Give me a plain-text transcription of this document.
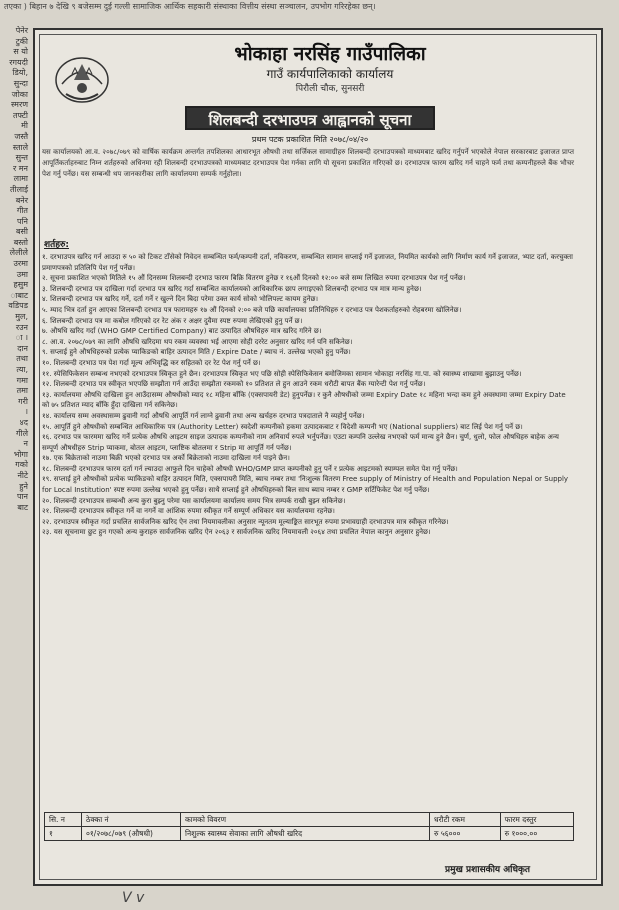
तएका ) बिहान ७ देखि ९ बजेसम्म दुई गल्ली सामाजिक आर्थिक सहकारी संस्थाका वित्तीय संस्था सञ्चालन, उपभोग गरिरहेका छन्।
पेनेर
टुकी
स यो
रगयदी
डियो,
सुन्दा
जोका
स्मरण
तफ्टी
मी
जस्तै
स्ताले
सुन्त
र मन
लामा
तीलाई
बनेर
गीत
पनि
बसी
बस्तो
लेलीले
उरमा
उमा
हसुम
ाबाट
वडिपड
मुल,
रउन
ा ।
दान
तथा
त्या,
गमा
तमा
गरी
।
४द
गीले
न
भोगा
गको
नीटे
हुने
पान
बाट
भोकाहा नरसिंह गाउँपालिका
गाउँ कार्यपालिकाको कार्यालय
पिरौली चौक, सुनसरी
शिलबन्दी दरभाउपत्र आह्वानको सूचना
प्रथम पटक प्रकाशित मिति २०७८/०४/२०
यस कार्यालयको आ.व. २०७८/०७९ को वार्षिक कार्यक्रम अन्तर्गत तपशिलका आधारभूत औषधी तथा सर्जिकल सामाग्रीहरु शिलबन्दी दरभाउपत्रको माध्यमबाट खरिद गर्नुपर्ने भएकोले नेपाल सरकारबाट इजाजत प्राप्त आपूर्तिकर्ताहरुबाट निम्न शर्तहरुको अधिनमा रही शिलबन्दी दरभाउपत्रको माध्यमबाट दरभाउपत्र पेश गर्नका लागि यो सूचना प्रकाशित गरिएको छ। दरभाउपत्र फारम खरिद गर्न चाहने फर्म तथा कम्पनीहरुले बैंक भौचर पेश गर्नु पर्नेछ। यस सम्बन्धी थप जानकारीका लागि कार्यालयमा सम्पर्क गर्नुहोला।
शर्तहरु:
१. दरभाउपत्र खरिद गर्न आउदा रु ५० को टिकट टाँसेको निवेदन सम्बन्धित फर्म/कम्पनी दर्ता, नविकरण, सम्बन्धित सामान सप्लाई गर्ने इजाजत, नियमित कार्यको लागि निर्माण कार्य गर्ने इजाजत, भ्याट दर्ता, करचुक्ता प्रमाणपत्रको प्रतिलिपि पेश गर्नु पर्नेछ।
२. सूचना प्रकाशित भएको मितिले १५ औं दिनसम्म शिलबन्दी दरभाउ फारम बिक्रि वितरण हुनेछ र १६औं दिनको १२:०० बजे सम्म लिखित रुपमा दरभाउपत्र पेश गर्नु पर्नेछ।
३. शिलबन्दी दरभाउ पत्र दाखिला गर्दा दरभाउ पत्र खरिद गर्दा सम्बन्धित कार्यालयको आधिकारिक छाप लगाइएको शिलबन्दी दरभाउ पत्र मात्र मान्य हुनेछ।
४. शिलबन्दी दरभाउ पत्र खरिद गर्ने, दर्ता गर्ने र खुल्ने दिन बिदा परेमा उक्त कार्य सोको भोलिपल्ट कायम हुनेछ।
५. म्याद भित्र दर्ता हुन आएका शिलबन्दी दरभाउ पत्र फारामहरु १७ औं दिनको २:०० बजे पछि कार्यालयका प्रतिनिधिहरु र दरभाउ पत्र पेशकर्ताहरुको रोहबरमा खोलिनेछ।
६. शिलबन्दी दरभाउ पत्र मा कबोल गरिएको दर रेट अंक र अक्षर दुवैमा स्पष्ट रुपमा लेखिएको हुनु पर्ने छ।
७. औषधि खरिद गर्दा (WHO GMP Certified Company) बाट उत्पादित औषधिहरु मात्र खरिद गरिने छ।
८. आ.व. २०७८/०७९ का लागि औषधि खरिदमा थप रकम व्यवस्था भई आएमा सोही दररेट अनुसार खरिद गर्न पनि सकिनेछ।
९. सप्लाई हुने औषधिहरुको प्रत्येक प्याकिङको बाहिर उत्पादन मिति / Expire Date / ब्याच नं. उल्लेख भएको हुनु पर्नेछ।
१०. शिलबन्दी दरभाउ पत्र पेश गर्दा मूल्य अभिवृद्धि कर सहितको दर रेट पेश गर्नु पर्ने छ।
११. स्पेसिफिकेसन सम्बन्ध नभएको दरभाउपत्र स्विकृत हुने छैन। दरभाउपत्र स्विकृत भए पछि सोही स्पेसिफिकेसन बमोजिमका सामान भोकाहा नरसिंह गा.पा. को स्वास्थ्य शाखामा बुझाउनु पर्नेछ।
१२. शिलबन्दी दरभाउ पत्र स्वीकृत भएपछि सम्झौता गर्न आउँदा सम्झौता रकमको १० प्रतिशत ले हुन आउने रकम धरौटी बापत बैंक ग्यारेन्टी पेश गर्नु पर्नेछ।
१३. कार्यालयमा औषधि दाखिला हुन आउँदासम्म औषधीको म्याद १८ महिना बाँकि (एक्सपायरी डेट) हुनुपर्नेछ। र कुनै औषधीको जम्मा Expiry Date १८ महिना भन्दा कम हुने अवस्थामा जम्मा Expiry Date को ७५ प्रतिशत म्याद बाँकि हुँदा दाखिला गर्न सकिनेछ।
१४. कार्यालय सम्म अवस्थासम्म ढुवानी गर्दा औषधि आपूर्ति गर्न लाग्ने ढुवानी तथा अन्य खर्चहरु दरभाउ पत्रदाताले नै व्यहोर्नु पर्नेछ।
१५. आपूर्ति हुने औषधीको सम्बन्धित आधिकारिक पत्र (Authority Letter) स्वदेशी कम्पनीको हकमा उत्पादकबाट र विदेशी कम्पनी भए (National suppliers) बाट लिई पेश गर्नु पर्ने छ।
१६. दरभाउ पत्र फारममा खरिद गर्ने प्रत्येक औषधि आइटम साइज उत्पादक कम्पनीको नाम अनिवार्य रुपले भर्नुपर्नेछ। एउटा कम्पनि उल्लेख नभएको फर्म मान्य हुने छैन। चुर्ण, धुलो, फोल औषधिहरु बाहेक अन्य सम्पूर्ण औषधीहरु Strip प्याकमा, बोतल आइटम, प्लाष्टिक बोतलमा र Strip मा आपूर्ति गर्न पर्नेछ।
१७. एक बिक्रेताको नाउमा बिक्री भएको दरभाउ पत्र अर्को बिक्रेताको नाउमा दाखिला गर्न पाइने छैन।
१८. शिलबन्दी दरभाउपत्र फारम दर्ता गर्न ल्याउदा आफुले दिन चाहेको औषधी WHO/GMP प्राप्त कम्पनीको हुनु पर्ने र प्रत्येक आइटमको स्याम्पल समेत पेश गर्नु पर्नेछ।
१९. सप्लाई हुने औषधीको प्रत्येक प्याकिङको बाहिर उत्पादन मिति, एक्सपायरी मिति, ब्याच नम्बर तथा 'निःशुल्क वितरण Free supply of Ministry of Health and Population Nepal or Supply for Local Institution' स्पष्ट रुपमा उल्लेख भएको हुनु पर्नेछ। साथै सप्लाई हुने औषधिहरुको बिल साथ ब्याच नम्बर र GMP सर्टिफिकेट पेश गर्नु पर्नेछ।
२०. शिलबन्दी दरभाउपत्र सम्बन्धी अन्य कुरा बुझ्नु परेमा यस कार्यालयमा कार्यालय समय भित्र सम्पर्क राखी बुझ्न सकिनेछ।
२१. शिलबन्दी दरभाउपत्र स्वीकृत गर्ने वा नगर्ने वा आंशिक रुपमा स्वीकृत गर्ने सम्पूर्ण अधिकार यस कार्यालयमा रहनेछ।
२२. दरभाउपत्र स्वीकृत गर्दा प्रचलित सार्वजनिक खरिद ऐन तथा नियमावलीका अनुसार न्यूनतम मूल्याङ्कित सारभूत रुपमा प्रभावग्राही दरभाउपत्र मात्र स्वीकृत गरिनेछ।
२३. यस सूचनामा छुट हुन गएको अन्य कुराहरु सार्वजनिक खरिद ऐन २०६३ र सार्वजनिक खरिद नियमावली २०६४ तथा प्रचलित नेपाल कानुन अनुसार हुनेछ।
सि. न	ठेक्का नं	कामको विवरण	धरौटी रकम	फारम दस्तुर
१	०१/२०७८/०७९ (औषधी)	निशुल्क स्वास्थ्य सेवाका लागि औषधी खरिद	रु ५६०००	रु १०००.००
प्रमुख प्रशासकीय अधिकृत
V v
